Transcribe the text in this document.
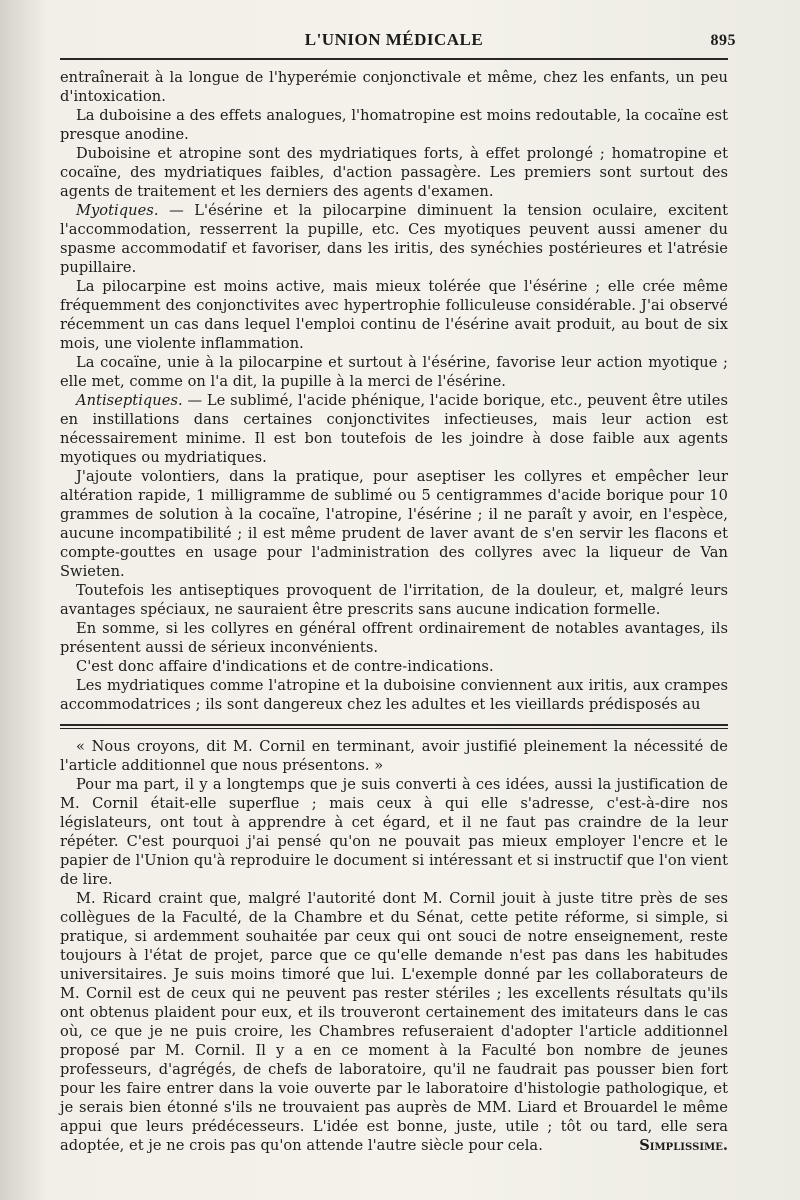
L'UNION MÉDICALE	895

entraînerait à la longue de l'hyperémie conjonctivale et même, chez les enfants, un peu d'intoxication.

La duboisine a des effets analogues, l'homatropine est moins redoutable, la cocaïne est presque anodine.

Duboisine et atropine sont des mydriatiques forts, à effet prolongé ; homatropine et cocaïne, des mydriatiques faibles, d'action passagère. Les premiers sont surtout des agents de traitement et les derniers des agents d'examen.

Myotiques. — L'ésérine et la pilocarpine diminuent la tension oculaire, excitent l'accommodation, resserrent la pupille, etc. Ces myotiques peuvent aussi amener du spasme accommodatif et favoriser, dans les iritis, des synéchies postérieures et l'atrésie pupillaire.

La pilocarpine est moins active, mais mieux tolérée que l'ésérine ; elle crée même fréquemment des conjonctivites avec hypertrophie folliculeuse considérable. J'ai observé récemment un cas dans lequel l'emploi continu de l'ésérine avait produit, au bout de six mois, une violente inflammation.

La cocaïne, unie à la pilocarpine et surtout à l'ésérine, favorise leur action myotique ; elle met, comme on l'a dit, la pupille à la merci de l'ésérine.

Antiseptiques. — Le sublimé, l'acide phénique, l'acide borique, etc., peuvent être utiles en instillations dans certaines conjonctivites infectieuses, mais leur action est nécessairement minime. Il est bon toutefois de les joindre à dose faible aux agents myotiques ou mydriatiques.

J'ajoute volontiers, dans la pratique, pour aseptiser les collyres et empêcher leur altération rapide, 1 milligramme de sublimé ou 5 centigrammes d'acide borique pour 10 grammes de solution à la cocaïne, l'atropine, l'ésérine ; il ne paraît y avoir, en l'espèce, aucune incompatibilité ; il est même prudent de laver avant de s'en servir les flacons et compte-gouttes en usage pour l'administration des collyres avec la liqueur de Van Swieten.

Toutefois les antiseptiques provoquent de l'irritation, de la douleur, et, malgré leurs avantages spéciaux, ne sauraient être prescrits sans aucune indication formelle.

En somme, si les collyres en général offrent ordinairement de notables avantages, ils présentent aussi de sérieux inconvénients.

C'est donc affaire d'indications et de contre-indications.

Les mydriatiques comme l'atropine et la duboisine conviennent aux iritis, aux crampes accommodatrices ; ils sont dangereux chez les adultes et les vieillards prédisposés au

« Nous croyons, dit M. Cornil en terminant, avoir justifié pleinement la nécessité de l'article additionnel que nous présentons. »

Pour ma part, il y a longtemps que je suis converti à ces idées, aussi la justification de M. Cornil était-elle superflue ; mais ceux à qui elle s'adresse, c'est-à-dire nos législateurs, ont tout à apprendre à cet égard, et il ne faut pas craindre de la leur répéter. C'est pourquoi j'ai pensé qu'on ne pouvait pas mieux employer l'encre et le papier de l'Union qu'à reproduire le document si intéressant et si instructif que l'on vient de lire.

M. Ricard craint que, malgré l'autorité dont M. Cornil jouit à juste titre près de ses collègues de la Faculté, de la Chambre et du Sénat, cette petite réforme, si simple, si pratique, si ardemment souhaitée par ceux qui ont souci de notre enseignement, reste toujours à l'état de projet, parce que ce qu'elle demande n'est pas dans les habitudes universitaires. Je suis moins timoré que lui. L'exemple donné par les collaborateurs de M. Cornil est de ceux qui ne peuvent pas rester stériles ; les excellents résultats qu'ils ont obtenus plaident pour eux, et ils trouveront certainement des imitateurs dans le cas où, ce que je ne puis croire, les Chambres refuseraient d'adopter l'article additionnel proposé par M. Cornil. Il y a en ce moment à la Faculté bon nombre de jeunes professeurs, d'agrégés, de chefs de laboratoire, qu'il ne faudrait pas pousser bien fort pour les faire entrer dans la voie ouverte par le laboratoire d'histologie pathologique, et je serais bien étonné s'ils ne trouvaient pas auprès de MM. Liard et Brouardel le même appui que leurs prédécesseurs. L'idée est bonne, juste, utile ; tôt ou tard, elle sera adoptée, et je ne crois pas qu'on attende l'autre siècle pour cela.	Simplissime.
